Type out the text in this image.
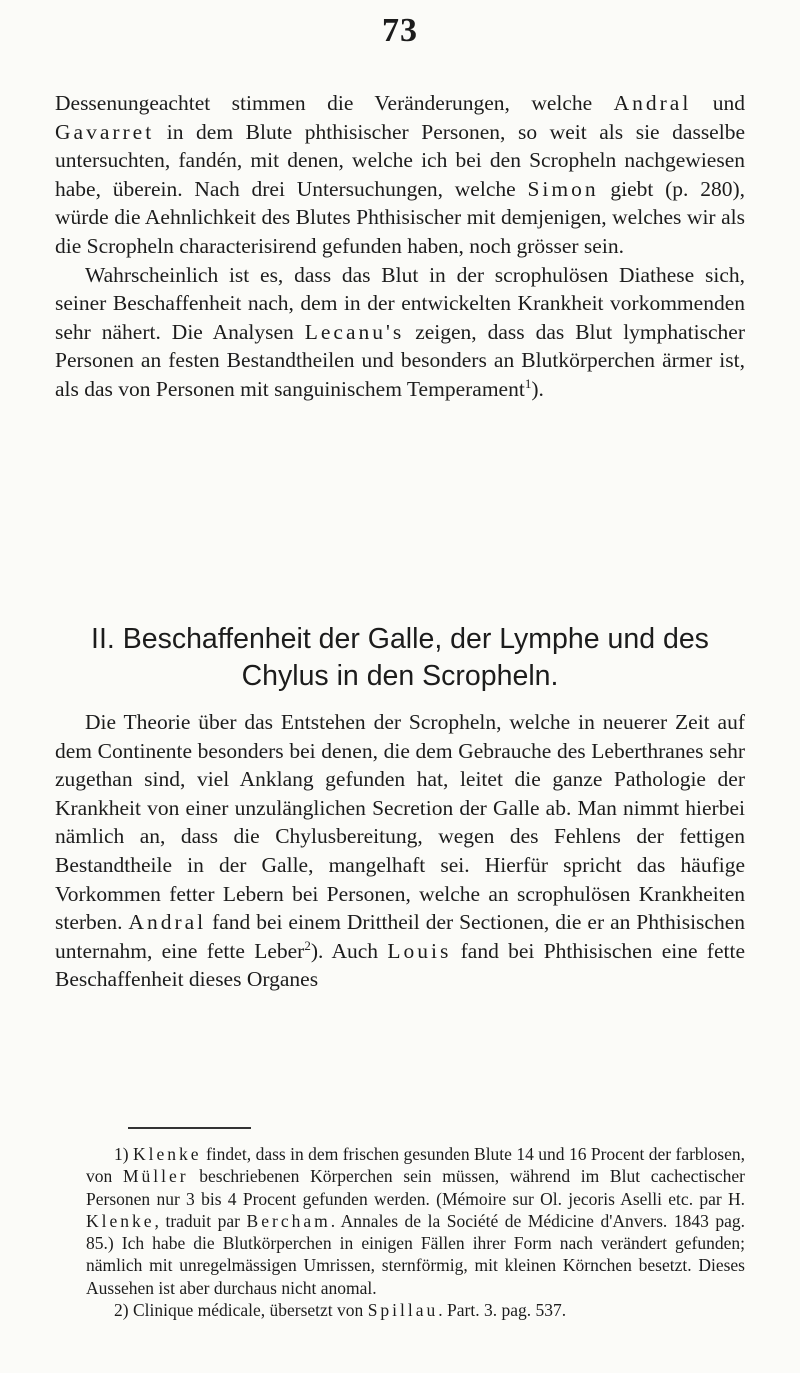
73

Dessenungeachtet stimmen die Veränderungen, welche Andral und Gavarret in dem Blute phthisischer Personen, so weit als sie dasselbe untersuchten, fandén, mit denen, welche ich bei den Scropheln nachgewiesen habe, überein. Nach drei Untersuchungen, welche Simon giebt (p. 280), würde die Aehnlichkeit des Blutes Phthisischer mit demjenigen, welches wir als die Scropheln characterisirend gefunden haben, noch grösser sein.

Wahrscheinlich ist es, dass das Blut in der scrophulösen Diathese sich, seiner Beschaffenheit nach, dem in der entwickelten Krankheit vorkommenden sehr nähert. Die Analysen Lecanu's zeigen, dass das Blut lymphatischer Personen an festen Bestandtheilen und besonders an Blutkörperchen ärmer ist, als das von Personen mit sanguinischem Temperament$^1$).

II. Beschaffenheit der Galle, der Lymphe und des
Chylus in den Scropheln.

Die Theorie über das Entstehen der Scropheln, welche in neuerer Zeit auf dem Continente besonders bei denen, die dem Gebrauche des Leberthranes sehr zugethan sind, viel Anklang gefunden hat, leitet die ganze Pathologie der Krankheit von einer unzulänglichen Secretion der Galle ab. Man nimmt hierbei nämlich an, dass die Chylusbereitung, wegen des Fehlens der fettigen Bestandtheile in der Galle, mangelhaft sei. Hierfür spricht das häufige Vorkommen fetter Lebern bei Personen, welche an scrophulösen Krankheiten sterben. Andral fand bei einem Drittheil der Sectionen, die er an Phthisischen unternahm, eine fette Leber$^2$). Auch Louis fand bei Phthisischen eine fette Beschaffenheit dieses Organes

1) Klenke findet, dass in dem frischen gesunden Blute 14 und 16 Procent der farblosen, von Müller beschriebenen Körperchen sein müssen, während im Blut cachectischer Personen nur 3 bis 4 Procent gefunden werden. (Mémoire sur Ol. jecoris Aselli etc. par H. Klenke, traduit par Bercham. Annales de la Société de Médicine d'Anvers. 1843 pag. 85.) Ich habe die Blutkörperchen in einigen Fällen ihrer Form nach verändert gefunden; nämlich mit unregelmässigen Umrissen, sternförmig, mit kleinen Körnchen besetzt. Dieses Aussehen ist aber durchaus nicht anomal.

2) Clinique médicale, übersetzt von Spillau. Part. 3. pag. 537.
